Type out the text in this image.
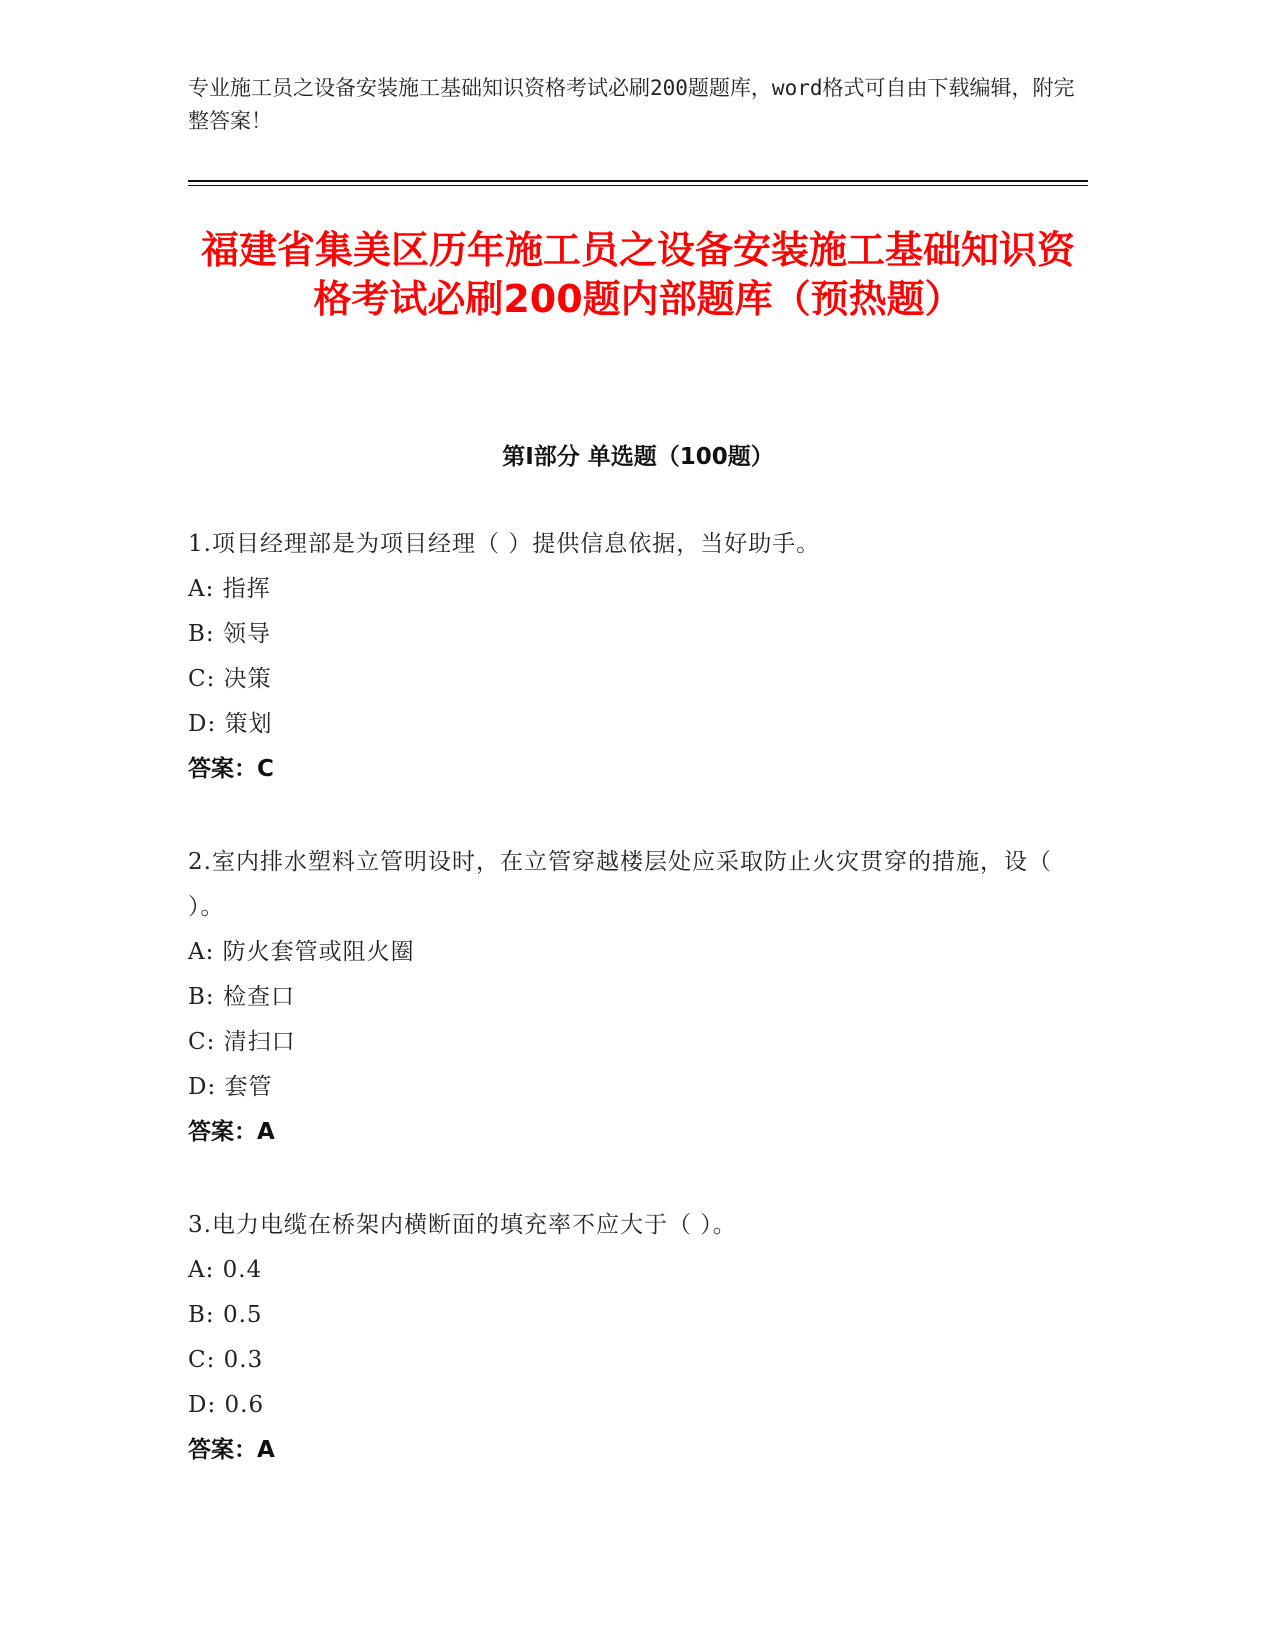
专业施工员之设备安装施工基础知识资格考试必刷200题题库，word格式可自由下载编辑，附完整答案！
福建省集美区历年施工员之设备安装施工基础知识资格考试必刷200题内部题库（预热题）
第Ⅰ部分 单选题（100题）
1.项目经理部是为项目经理（ ）提供信息依据，当好助手。
A: 指挥
B: 领导
C: 决策
D: 策划
答案：C
2.室内排水塑料立管明设时，在立管穿越楼层处应采取防止火灾贯穿的措施，设（ ）。
A: 防火套管或阻火圈
B: 检查口
C: 清扫口
D: 套管
答案：A
3.电力电缆在桥架内横断面的填充率不应大于（ ）。
A: 0.4
B: 0.5
C: 0.3
D: 0.6
答案：A
